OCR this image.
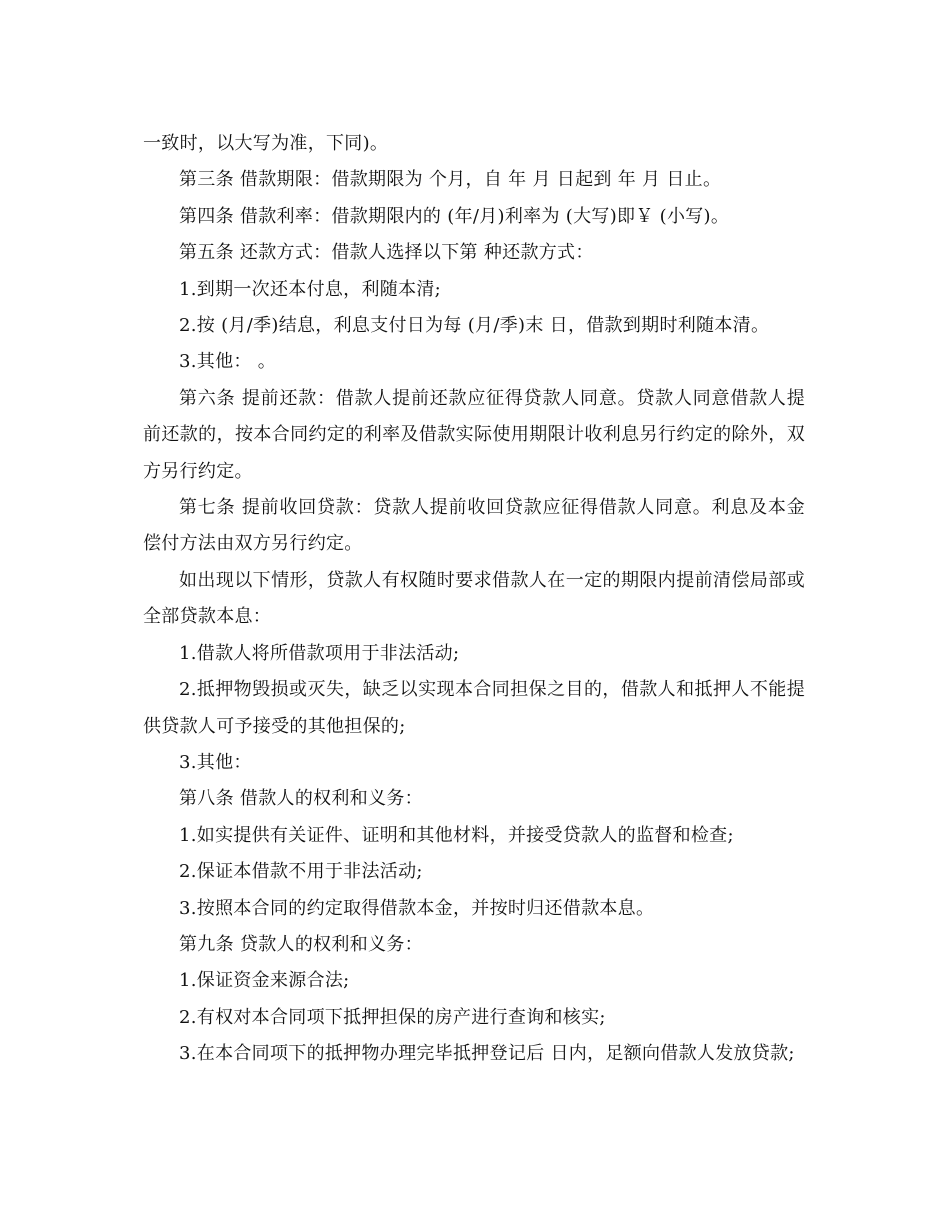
一致时，以大写为准，下同)。

第三条 借款期限：借款期限为 个月，自 年 月 日起到 年 月 日止。

第四条 借款利率：借款期限内的 (年/月)利率为 (大写)即￥ (小写)。

第五条 还款方式：借款人选择以下第 种还款方式：

1.到期一次还本付息，利随本清;

2.按 (月/季)结息，利息支付日为每 (月/季)末 日，借款到期时利随本清。

3.其他： 。

第六条 提前还款：借款人提前还款应征得贷款人同意。贷款人同意借款人提前还款的，按本合同约定的利率及借款实际使用期限计收利息另行约定的除外，双方另行约定。

第七条 提前收回贷款：贷款人提前收回贷款应征得借款人同意。利息及本金偿付方法由双方另行约定。

如出现以下情形，贷款人有权随时要求借款人在一定的期限内提前清偿局部或全部贷款本息：

1.借款人将所借款项用于非法活动;

2.抵押物毁损或灭失，缺乏以实现本合同担保之目的，借款人和抵押人不能提供贷款人可予接受的其他担保的;

3.其他：

第八条 借款人的权利和义务：

1.如实提供有关证件、证明和其他材料，并接受贷款人的监督和检查;

2.保证本借款不用于非法活动;

3.按照本合同的约定取得借款本金，并按时归还借款本息。

第九条 贷款人的权利和义务：

1.保证资金来源合法;

2.有权对本合同项下抵押担保的房产进行查询和核实;

3.在本合同项下的抵押物办理完毕抵押登记后 日内，足额向借款人发放贷款;
